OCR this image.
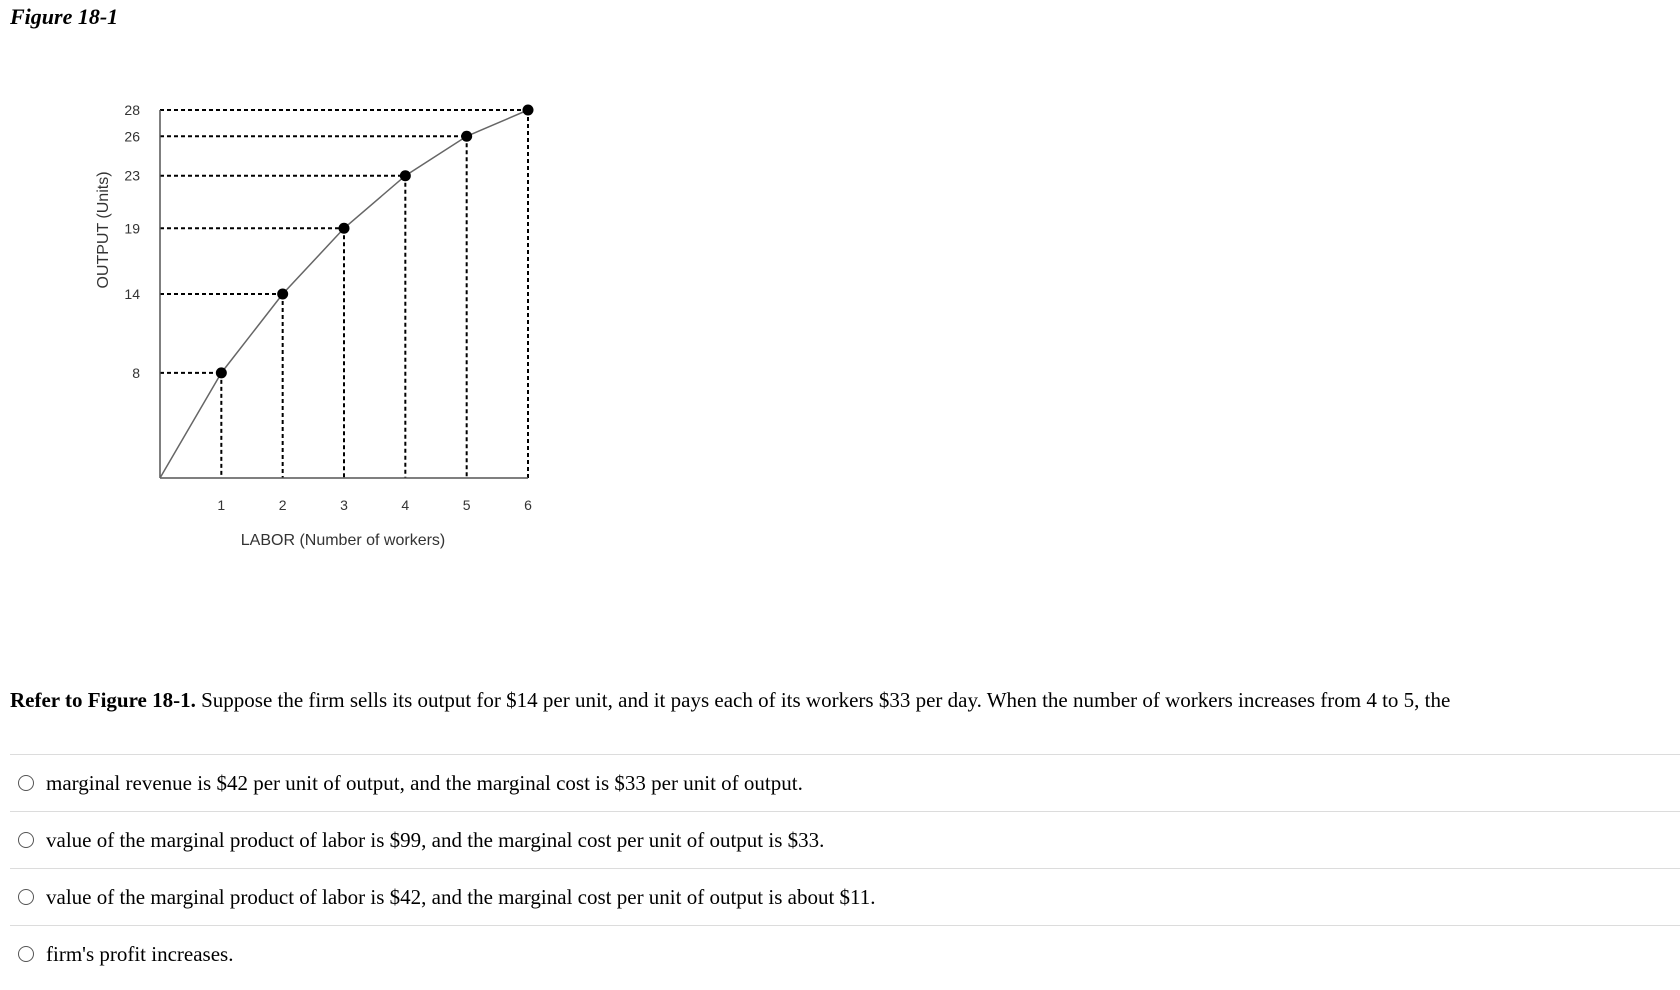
Figure 18-1
1	2	3	4	5	6
8
14
19
23
26
28
LABOR (Number of workers)
OUTPUT (Units)
Refer to Figure 18-1. Suppose the firm sells its output for $14 per unit, and it pays each of its workers $33 per day. When the number of workers increases from 4 to 5, the
marginal revenue is $42 per unit of output, and the marginal cost is $33 per unit of output.
value of the marginal product of labor is $99, and the marginal cost per unit of output is $33.
value of the marginal product of labor is $42, and the marginal cost per unit of output is about $11.
firm's profit increases.
